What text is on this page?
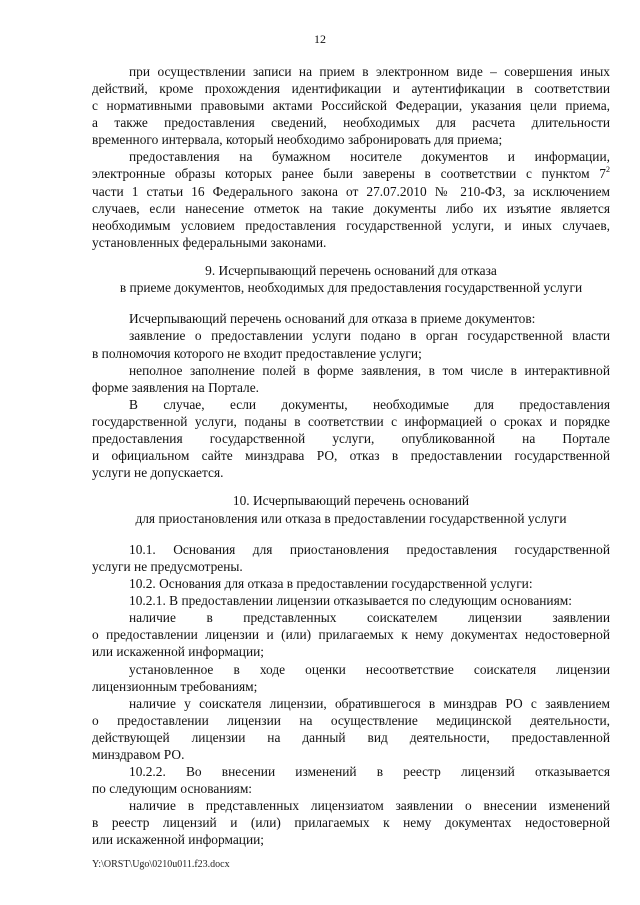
12
при осуществлении записи на прием в электронном виде – совершения иных
действий, кроме прохождения идентификации и аутентификации в соответствии
с нормативными правовыми актами Российской Федерации, указания цели приема,
а также предоставления сведений, необходимых для расчета длительности
временного интервала, который необходимо забронировать для приема;
предоставления на бумажном носителе документов и информации,
электронные образы которых ранее были заверены в соответствии с пунктом $7^2$
части 1 статьи 16 Федерального закона от 27.07.2010 № 210-ФЗ, за исключением
случаев, если нанесение отметок на такие документы либо их изъятие является
необходимым условием предоставления государственной услуги, и иных случаев,
установленных федеральными законами.
9. Исчерпывающий перечень оснований для отказа
в приеме документов, необходимых для предоставления государственной услуги
Исчерпывающий перечень оснований для отказа в приеме документов:
заявление о предоставлении услуги подано в орган государственной власти
в полномочия которого не входит предоставление услуги;
неполное заполнение полей в форме заявления, в том числе в интерактивной
форме заявления на Портале.
В случае, если документы, необходимые для предоставления
государственной услуги, поданы в соответствии с информацией о сроках и порядке
предоставления государственной услуги, опубликованной на Портале
и официальном сайте минздрава РО, отказ в предоставлении государственной
услуги не допускается.
10. Исчерпывающий перечень оснований
для приостановления или отказа в предоставлении государственной услуги
10.1. Основания для приостановления предоставления государственной
услуги не предусмотрены.
10.2. Основания для отказа в предоставлении государственной услуги:
10.2.1. В предоставлении лицензии отказывается по следующим основаниям:
наличие в представленных соискателем лицензии заявлении
о предоставлении лицензии и (или) прилагаемых к нему документах недостоверной
или искаженной информации;
установленное в ходе оценки несоответствие соискателя лицензии
лицензионным требованиям;
наличие у соискателя лицензии, обратившегося в минздрав РО с заявлением
о предоставлении лицензии на осуществление медицинской деятельности,
действующей лицензии на данный вид деятельности, предоставленной
минздравом РО.
10.2.2. Во внесении изменений в реестр лицензий отказывается
по следующим основаниям:
наличие в представленных лицензиатом заявлении о внесении изменений
в реестр лицензий и (или) прилагаемых к нему документах недостоверной
или искаженной информации;
Y:\ORST\Ugo\0210u011.f23.docx
